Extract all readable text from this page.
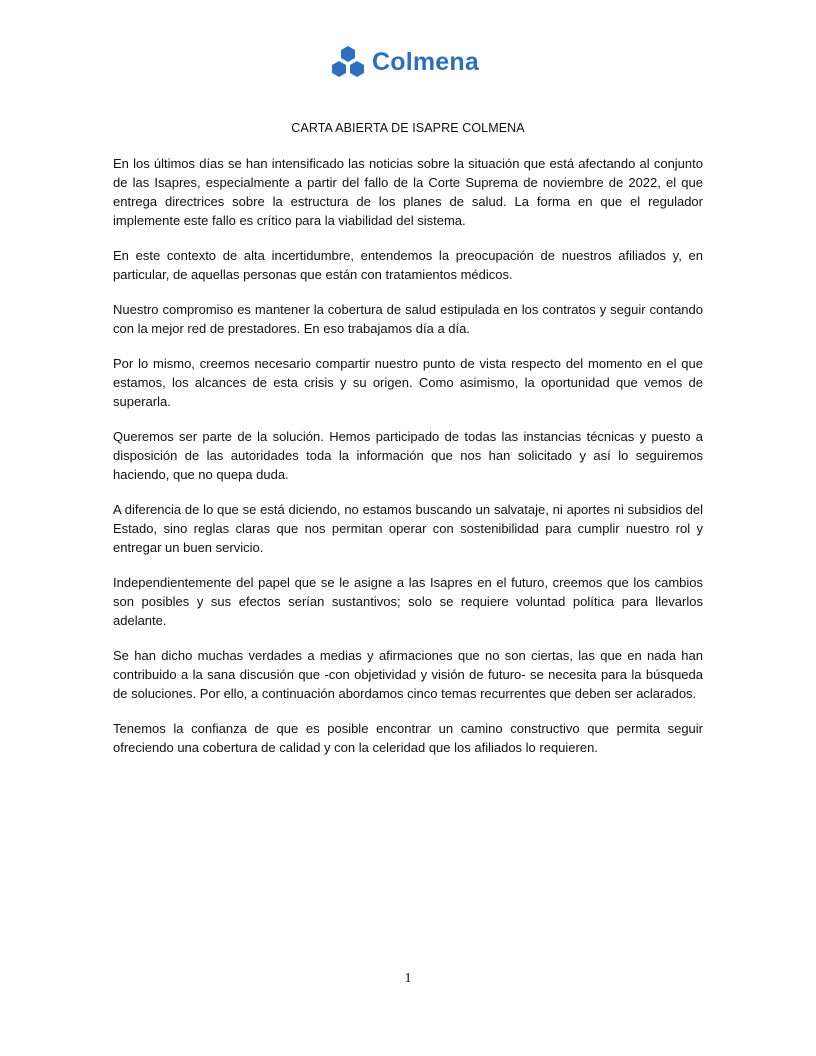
Colmena

CARTA ABIERTA DE ISAPRE COLMENA

En los últimos días se han intensificado las noticias sobre la situación que está afectando al conjunto de las Isapres, especialmente a partir del fallo de la Corte Suprema de noviembre de 2022, el que entrega directrices sobre la estructura de los planes de salud. La forma en que el regulador implemente este fallo es crítico para la viabilidad del sistema.

En este contexto de alta incertidumbre, entendemos la preocupación de nuestros afiliados y, en particular, de aquellas personas que están con tratamientos médicos.

Nuestro compromiso es mantener la cobertura de salud estipulada en los contratos y seguir contando con la mejor red de prestadores. En eso trabajamos día a día.

Por lo mismo, creemos necesario compartir nuestro punto de vista respecto del momento en el que estamos, los alcances de esta crisis y su origen. Como asimismo, la oportunidad que vemos de superarla.

Queremos ser parte de la solución. Hemos participado de todas las instancias técnicas y puesto a disposición de las autoridades toda la información que nos han solicitado y así lo seguiremos haciendo, que no quepa duda.

A diferencia de lo que se está diciendo, no estamos buscando un salvataje, ni aportes ni subsidios del Estado, sino reglas claras que nos permitan operar con sostenibilidad para cumplir nuestro rol y entregar un buen servicio.

Independientemente del papel que se le asigne a las Isapres en el futuro, creemos que los cambios son posibles y sus efectos serían sustantivos; solo se requiere voluntad política para llevarlos adelante.

Se han dicho muchas verdades a medias y afirmaciones que no son ciertas, las que en nada han contribuido a la sana discusión que -con objetividad y visión de futuro- se necesita para la búsqueda de soluciones. Por ello, a continuación abordamos cinco temas recurrentes que deben ser aclarados.

Tenemos la confianza de que es posible encontrar un camino constructivo que permita seguir ofreciendo una cobertura de calidad y con la celeridad que los afiliados lo requieren.

1
